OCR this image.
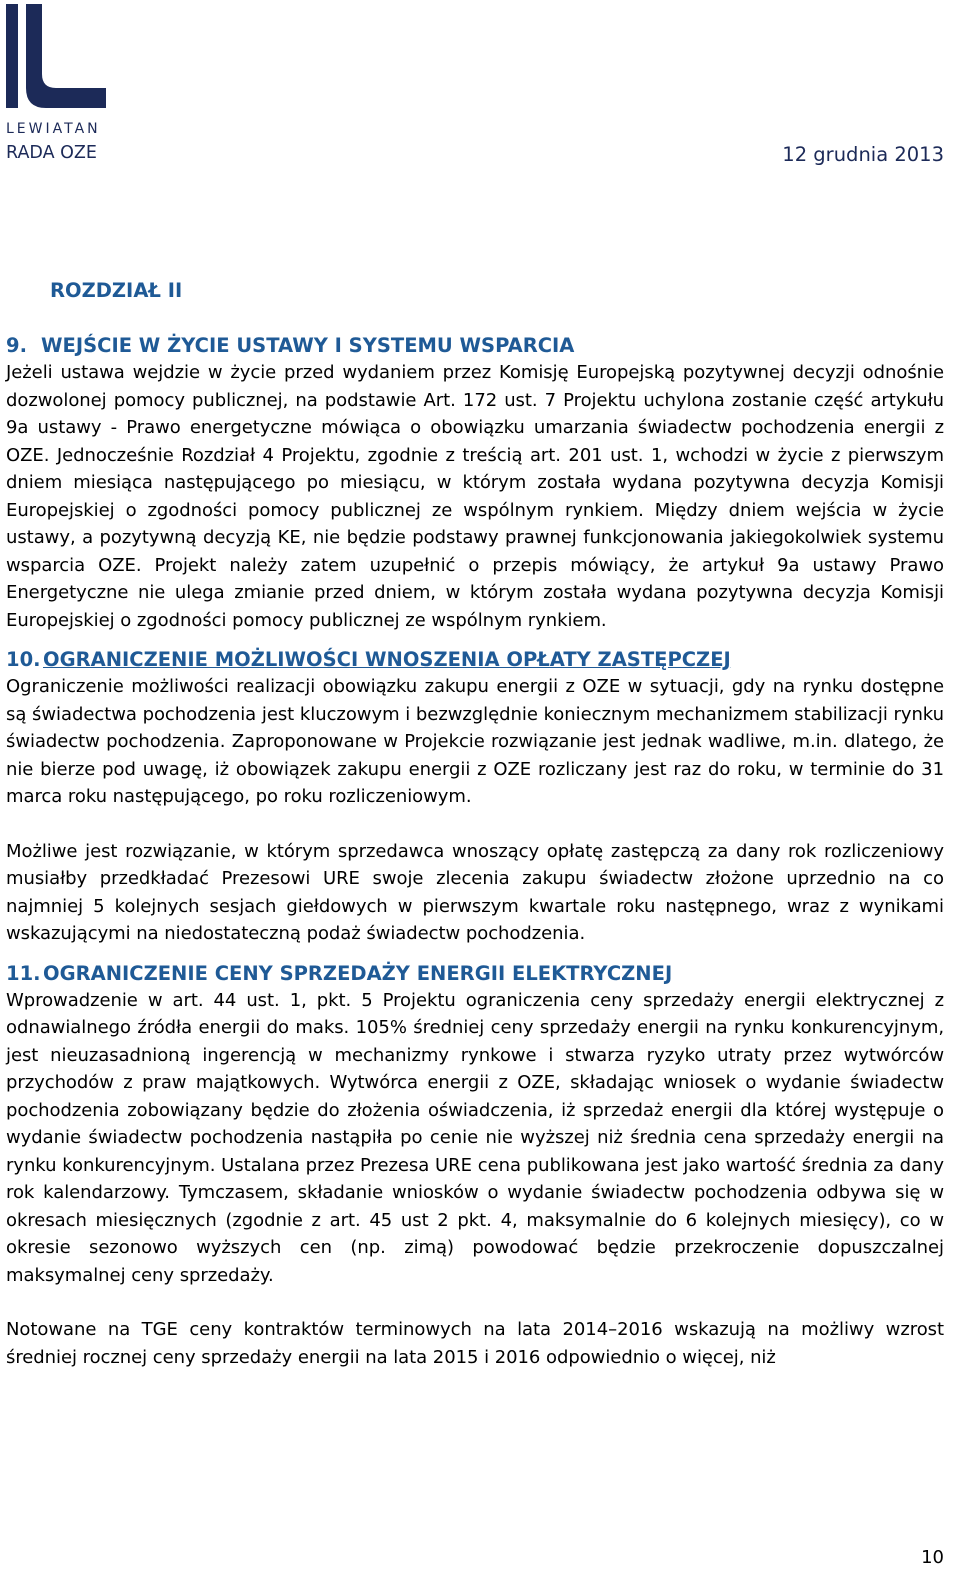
LEWIATAN
RADA OZE	12 grudnia 2013
ROZDZIAŁ II
9. WEJŚCIE W ŻYCIE USTAWY I SYSTEMU WSPARCIA

Jeżeli ustawa wejdzie w życie przed wydaniem przez Komisję Europejską pozytywnej decyzji odnośnie dozwolonej pomocy publicznej, na podstawie Art. 172 ust. 7 Projektu uchylona zostanie część artykułu 9a ustawy - Prawo energetyczne mówiąca o obowiązku umarzania świadectw pochodzenia energii z OZE. Jednocześnie Rozdział 4 Projektu, zgodnie z treścią art. 201 ust. 1, wchodzi w życie z pierwszym dniem miesiąca następującego po miesiącu, w którym została wydana pozytywna decyzja Komisji Europejskiej o zgodności pomocy publicznej ze wspólnym rynkiem. Między dniem wejścia w życie ustawy, a pozytywną decyzją KE, nie będzie podstawy prawnej funkcjonowania jakiegokolwiek systemu wsparcia OZE. Projekt należy zatem uzupełnić o przepis mówiący, że artykuł 9a ustawy Prawo Energetyczne nie ulega zmianie przed dniem, w którym została wydana pozytywna decyzja Komisji Europejskiej o zgodności pomocy publicznej ze wspólnym rynkiem.

10. OGRANICZENIE MOŻLIWOŚCI WNOSZENIA OPŁATY ZASTĘPCZEJ

Ograniczenie możliwości realizacji obowiązku zakupu energii z OZE w sytuacji, gdy na rynku dostępne są świadectwa pochodzenia jest kluczowym i bezwzględnie koniecznym mechanizmem stabilizacji rynku świadectw pochodzenia. Zaproponowane w Projekcie rozwiązanie jest jednak wadliwe, m.in. dlatego, że nie bierze pod uwagę, iż obowiązek zakupu energii z OZE rozliczany jest raz do roku, w terminie do 31 marca roku następującego, po roku rozliczeniowym.

Możliwe jest rozwiązanie, w którym sprzedawca wnoszący opłatę zastępczą za dany rok rozliczeniowy musiałby przedkładać Prezesowi URE swoje zlecenia zakupu świadectw złożone uprzednio na co najmniej 5 kolejnych sesjach giełdowych w pierwszym kwartale roku następnego, wraz z wynikami wskazującymi na niedostateczną podaż świadectw pochodzenia.

11. OGRANICZENIE CENY SPRZEDAŻY ENERGII ELEKTRYCZNEJ

Wprowadzenie w art. 44 ust. 1, pkt. 5 Projektu ograniczenia ceny sprzedaży energii elektrycznej z odnawialnego źródła energii do maks. 105% średniej ceny sprzedaży energii na rynku konkurencyjnym, jest nieuzasadnioną ingerencją w mechanizmy rynkowe i stwarza ryzyko utraty przez wytwórców przychodów z praw majątkowych. Wytwórca energii z OZE, składając wniosek o wydanie świadectw pochodzenia zobowiązany będzie do złożenia oświadczenia, iż sprzedaż energii dla której występuje o wydanie świadectw pochodzenia nastąpiła po cenie nie wyższej niż średnia cena sprzedaży energii na rynku konkurencyjnym. Ustalana przez Prezesa URE cena publikowana jest jako wartość średnia za dany rok kalendarzowy. Tymczasem, składanie wniosków o wydanie świadectw pochodzenia odbywa się w okresach miesięcznych (zgodnie z art. 45 ust 2 pkt. 4, maksymalnie do 6 kolejnych miesięcy), co w okresie sezonowo wyższych cen (np. zimą) powodować będzie przekroczenie dopuszczalnej maksymalnej ceny sprzedaży.

Notowane na TGE ceny kontraktów terminowych na lata 2014–2016 wskazują na możliwy wzrost średniej rocznej ceny sprzedaży energii na lata 2015 i 2016 odpowiednio o więcej, niż

10
